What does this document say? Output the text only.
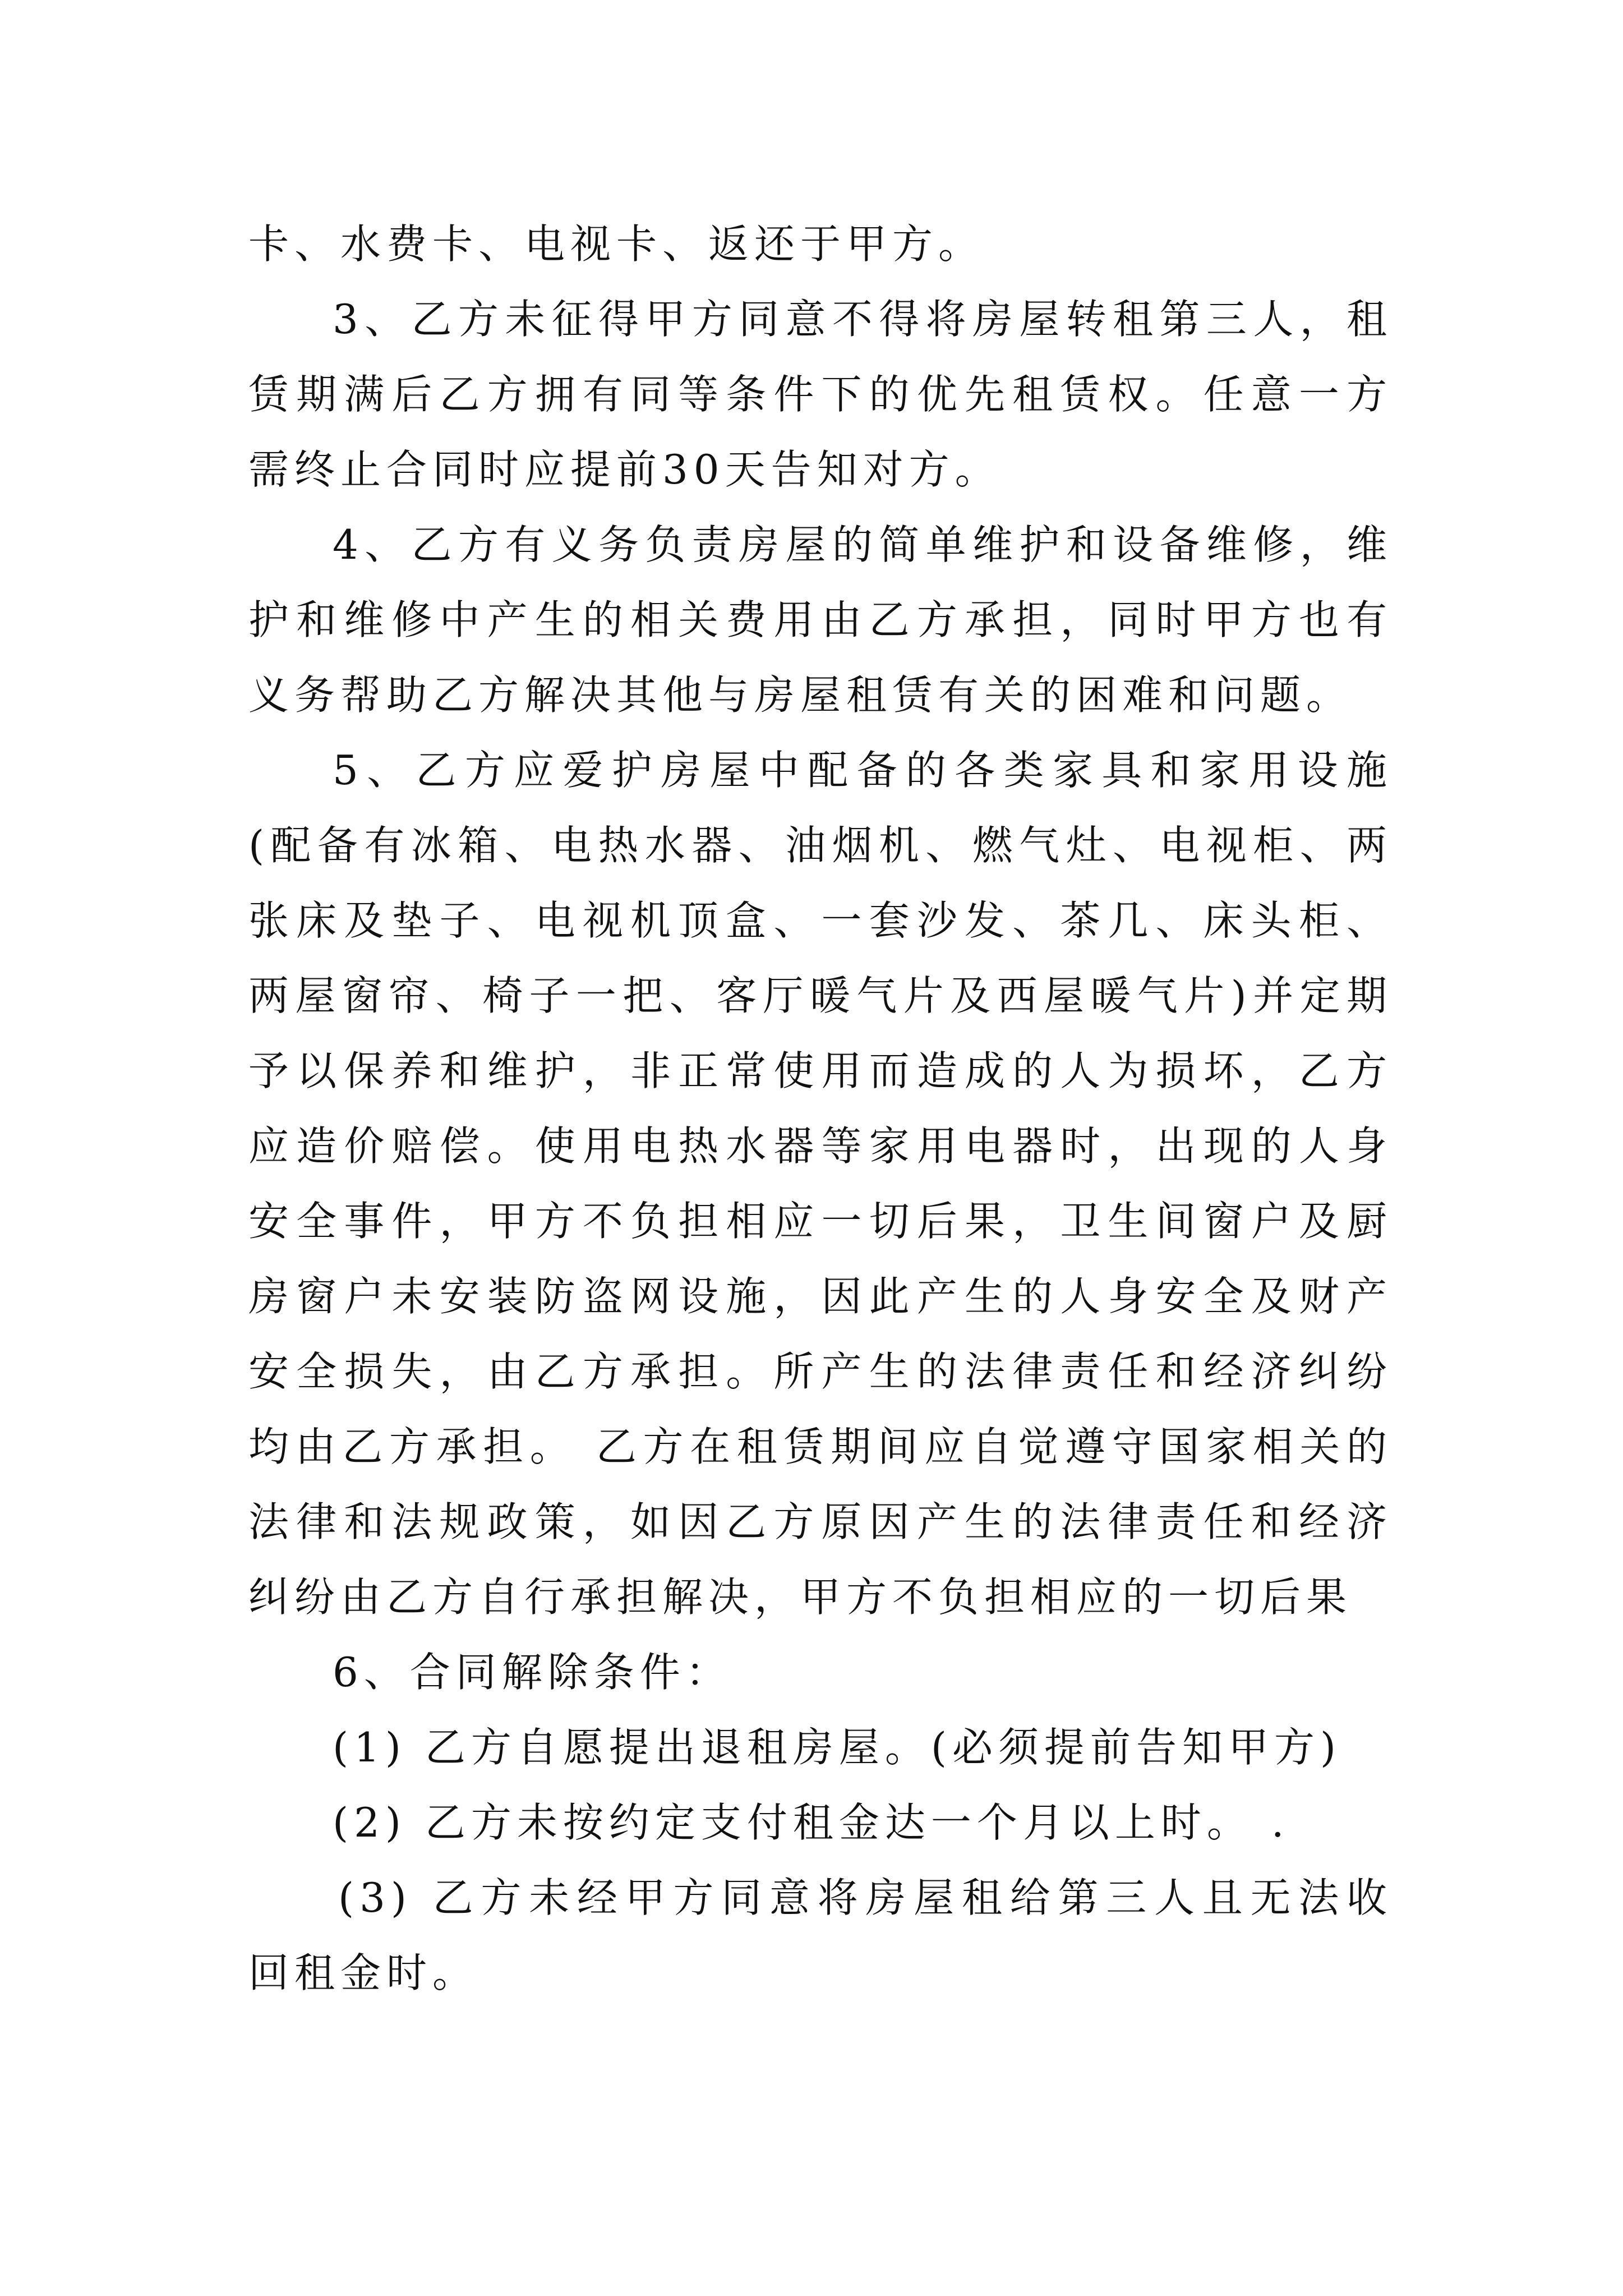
卡、水费卡、电视卡、返还于甲方。

3、乙方未征得甲方同意不得将房屋转租第三人，租赁期满后乙方拥有同等条件下的优先租赁权。任意一方需终止合同时应提前30天告知对方。

4、乙方有义务负责房屋的简单维护和设备维修，维护和维修中产生的相关费用由乙方承担，同时甲方也有义务帮助乙方解决其他与房屋租赁有关的困难和问题。

5、乙方应爱护房屋中配备的各类家具和家用设施(配备有冰箱、电热水器、油烟机、燃气灶、电视柜、两张床及垫子、电视机顶盒、一套沙发、茶几、床头柜、两屋窗帘、椅子一把、客厅暖气片及西屋暖气片)并定期予以保养和维护，非正常使用而造成的人为损坏，乙方应造价赔偿。使用电热水器等家用电器时，出现的人身安全事件，甲方不负担相应一切后果，卫生间窗户及厨房窗户未安装防盗网设施，因此产生的人身安全及财产安全损失，由乙方承担。所产生的法律责任和经济纠纷均由乙方承担。 乙方在租赁期间应自觉遵守国家相关的法律和法规政策，如因乙方原因产生的法律责任和经济纠纷由乙方自行承担解决，甲方不负担相应的一切后果

6、合同解除条件：

(1) 乙方自愿提出退租房屋。(必须提前告知甲方)

(2) 乙方未按约定支付租金达一个月以上时。 .

(3) 乙方未经甲方同意将房屋租给第三人且无法收回租金时。
